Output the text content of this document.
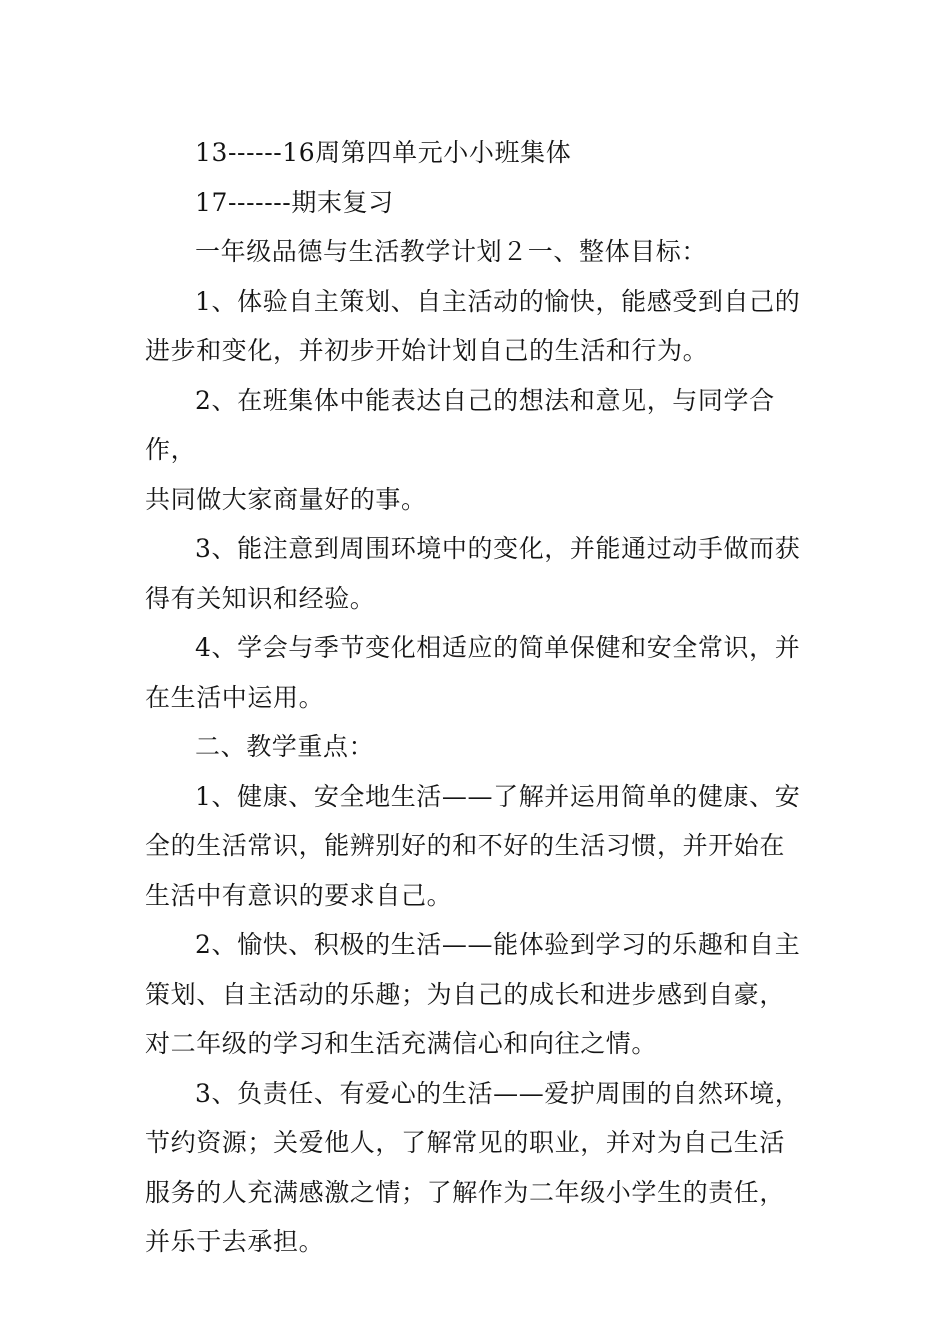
13------16周第四单元小小班集体

17-------期末复习

一年级品德与生活教学计划２一、整体目标：

1、体验自主策划、自主活动的愉快，能感受到自己的
进步和变化，并初步开始计划自己的生活和行为。

2、在班集体中能表达自己的想法和意见，与同学合作，
共同做大家商量好的事。

3、能注意到周围环境中的变化，并能通过动手做而获
得有关知识和经验。

4、学会与季节变化相适应的简单保健和安全常识，并
在生活中运用。

二、教学重点：

1、健康、安全地生活——了解并运用简单的健康、安
全的生活常识，能辨别好的和不好的生活习惯，并开始在
生活中有意识的要求自己。

2、愉快、积极的生活——能体验到学习的乐趣和自主
策划、自主活动的乐趣；为自己的成长和进步感到自豪，
对二年级的学习和生活充满信心和向往之情。

3、负责任、有爱心的生活——爱护周围的自然环境，
节约资源；关爱他人，了解常见的职业，并对为自己生活
服务的人充满感激之情；了解作为二年级小学生的责任，
并乐于去承担。
